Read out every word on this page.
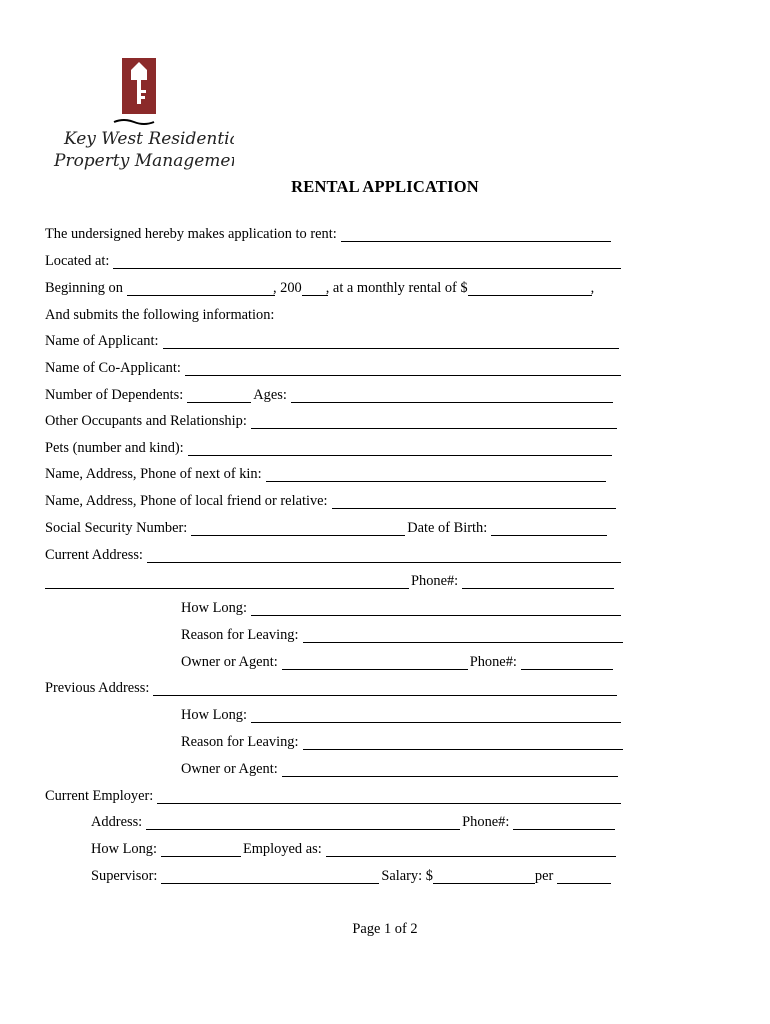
Key West Residential
Property Management
RENTAL APPLICATION
The undersigned hereby makes application to rent:
Located at:
Beginning on	, 200 , at a monthly rental of $	,
And submits the following information:
Name of Applicant:
Name of Co-Applicant:
Number of Dependents:	Ages:
Other Occupants and Relationship:
Pets (number and kind):
Name, Address, Phone of next of kin:
Name, Address, Phone of local friend or relative:
Social Security Number:	Date of Birth:
Current Address:
Phone#:
How Long:
Reason for Leaving:
Owner or Agent:	Phone#:
Previous Address:
How Long:
Reason for Leaving:
Owner or Agent:
Current Employer:
Address:	Phone#:
How Long:	Employed as:
Supervisor:	Salary: $	per
Page 1 of 2
